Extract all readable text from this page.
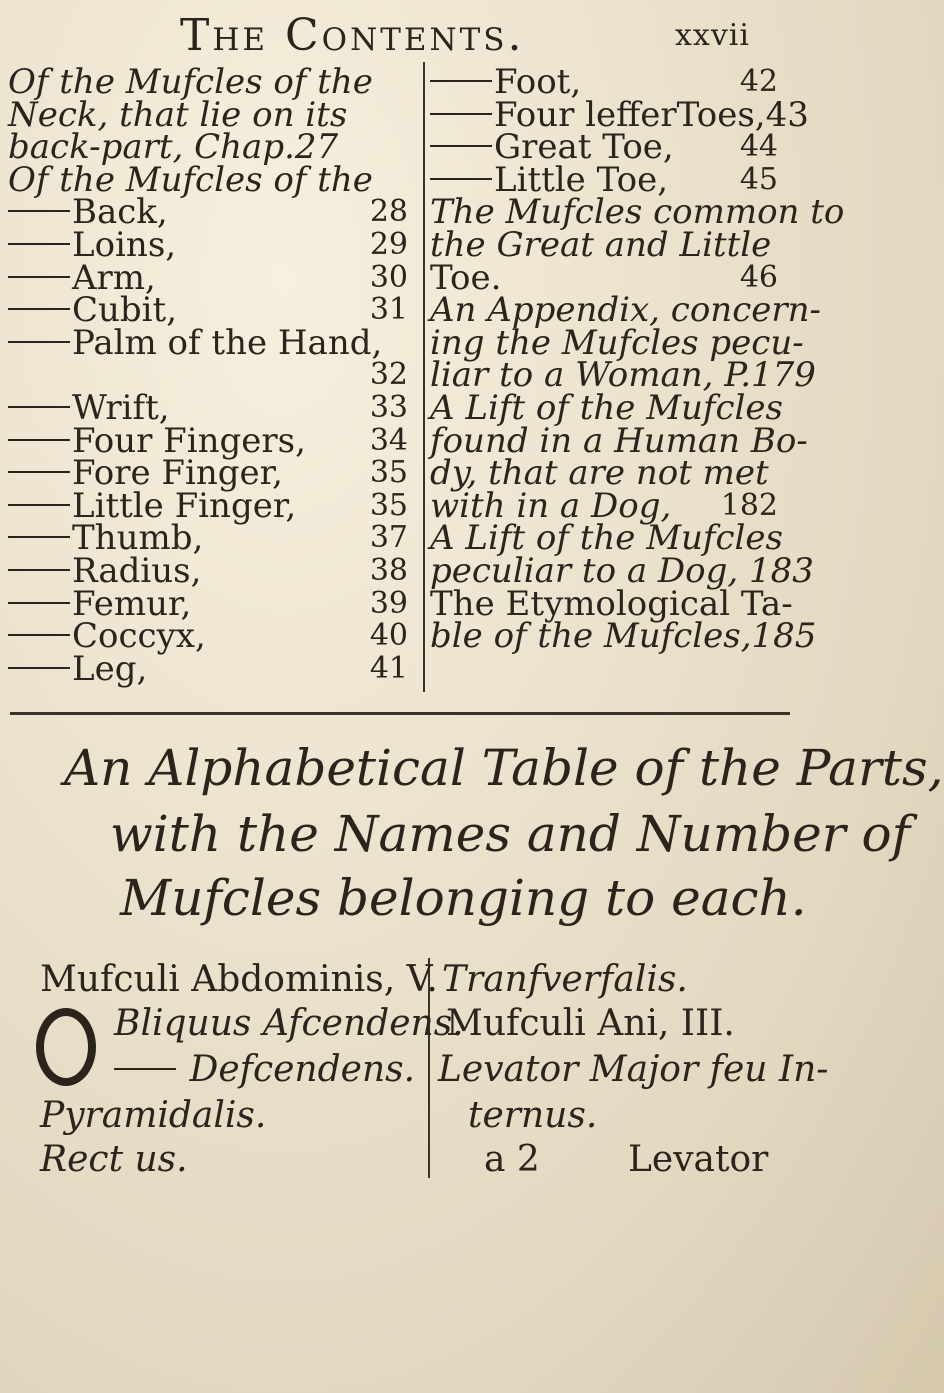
The Contents.	xxvii
Of the Mufcles of the
Neck, that lie on its
back-part, Chap.27
Of the Mufcles of the
Back,	28
Loins,	29
Arm,	30
Cubit,	31
Palm of the Hand,
32
Wrift,	33
Four Fingers, 34
Fore Finger,	35
Little Finger, 35
Thumb,	37
Radius,	38
Femur,	39
Coccyx,	40
Leg,	41
Foot,	42
Four lefferToes,43
Great Toe, 44
Little Toe, 45
The Mufcles common to
the Great and Little
Toe.	46
An Appendix, concern-
ing the Mufcles pecu-
liar to a Woman, P.179
A Lift of the Mufcles
found in a Human Bo-
dy, that are not met
with in a Dog, 182
A Lift of the Mufcles
peculiar to a Dog, 183
The Etymological Ta-
ble of the Mufcles,185
An Alphabetical Table of the Parts,
with the Names and Number of
Mufcles belonging to each.
Mufculi Abdominis, V.
Bliquus Afcendens.
Defcendens.
Pyramidalis.
Rect us.
Tranfverfalis.
Mufculi Ani, III.
Levator Major feu In-
ternus.
a 2 Levator
